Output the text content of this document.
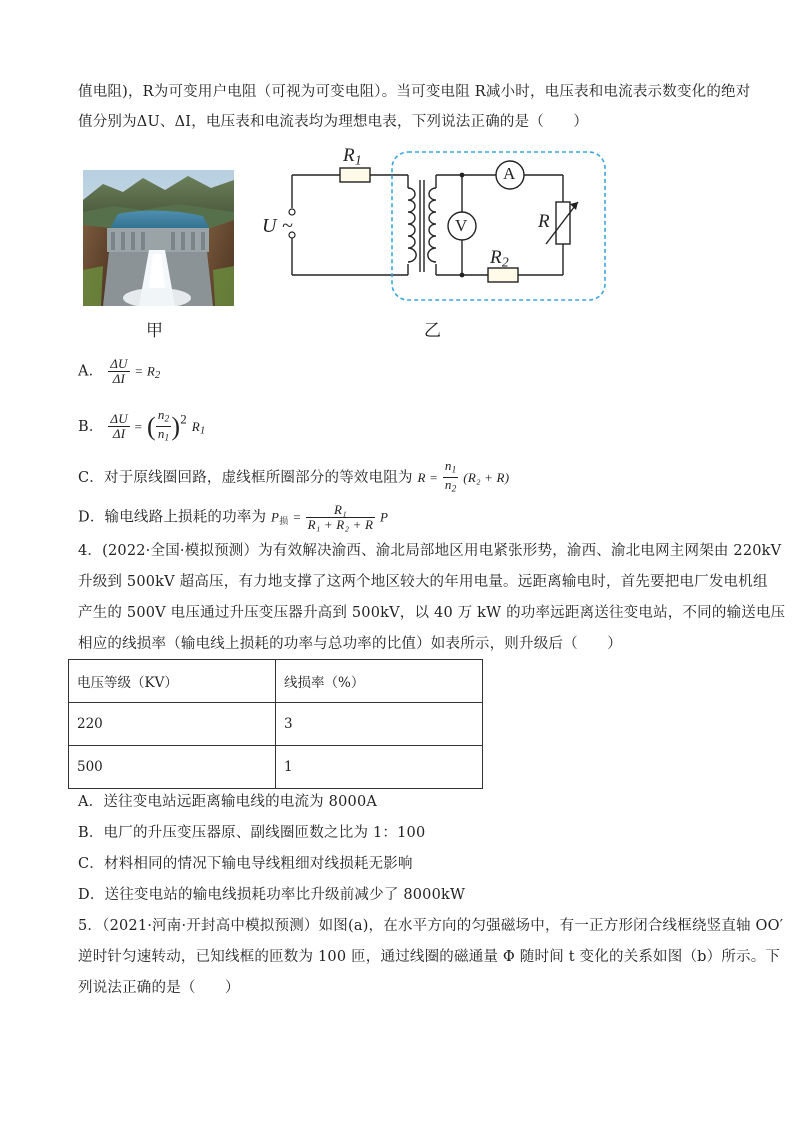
值电阻)，R为可变用户电阻（可视为可变电阻）。当可变电阻 R减小时，电压表和电流表示数变化的绝对
值分别为ΔU、ΔI，电压表和电流表均为理想电表，下列说法正确的是（　　）
甲
U ~
$R_1$
$R_2$
A
V	R
乙
A． $\frac{\Delta U}{\Delta I} = R_2$
B． $\frac{\Delta U}{\Delta I}$ = ( $\frac{n_2}{n_1} )2$ $R_1$
C．对于原线圈回路，虚线框所圈部分的等效电阻为 $R = \frac{n_1}{n_2} (R_2 + R)$
D．输电线路上损耗的功率为 $P_损 = \frac{\text{R₁}}{\text{R₁ + R₂ + R}}$ P
4．(2022·全国·模拟预测）为有效解决渝西、渝北局部地区用电紧张形势，渝西、渝北电网主网架由 220kV
升级到 500kV 超高压，有力地支撑了这两个地区较大的年用电量。远距离输电时，首先要把电厂发电机组
产生的 500V 电压通过升压变压器升高到 500kV，以 40 万 kW 的功率远距离送往变电站，不同的输送电压
相应的线损率（输电线上损耗的功率与总功率的比值）如表所示，则升级后（　　）
电压等级（KV）	线损率（%）
220	3
500	1
A．送往变电站远距离输电线的电流为 8000A
B．电厂的升压变压器原、副线圈匝数之比为 1：100
C．材料相同的情况下输电导线粗细对线损耗无影响
D．送往变电站的输电线损耗功率比升级前减少了 8000kW
5．（2021·河南·开封高中模拟预测）如图(a)，在水平方向的匀强磁场中，有一正方形闭合线框绕竖直轴 OO′
逆时针匀速转动，已知线框的匝数为 100 匝，通过线圈的磁通量 Φ 随时间 t 变化的关系如图（b）所示。下
列说法正确的是（　　）
